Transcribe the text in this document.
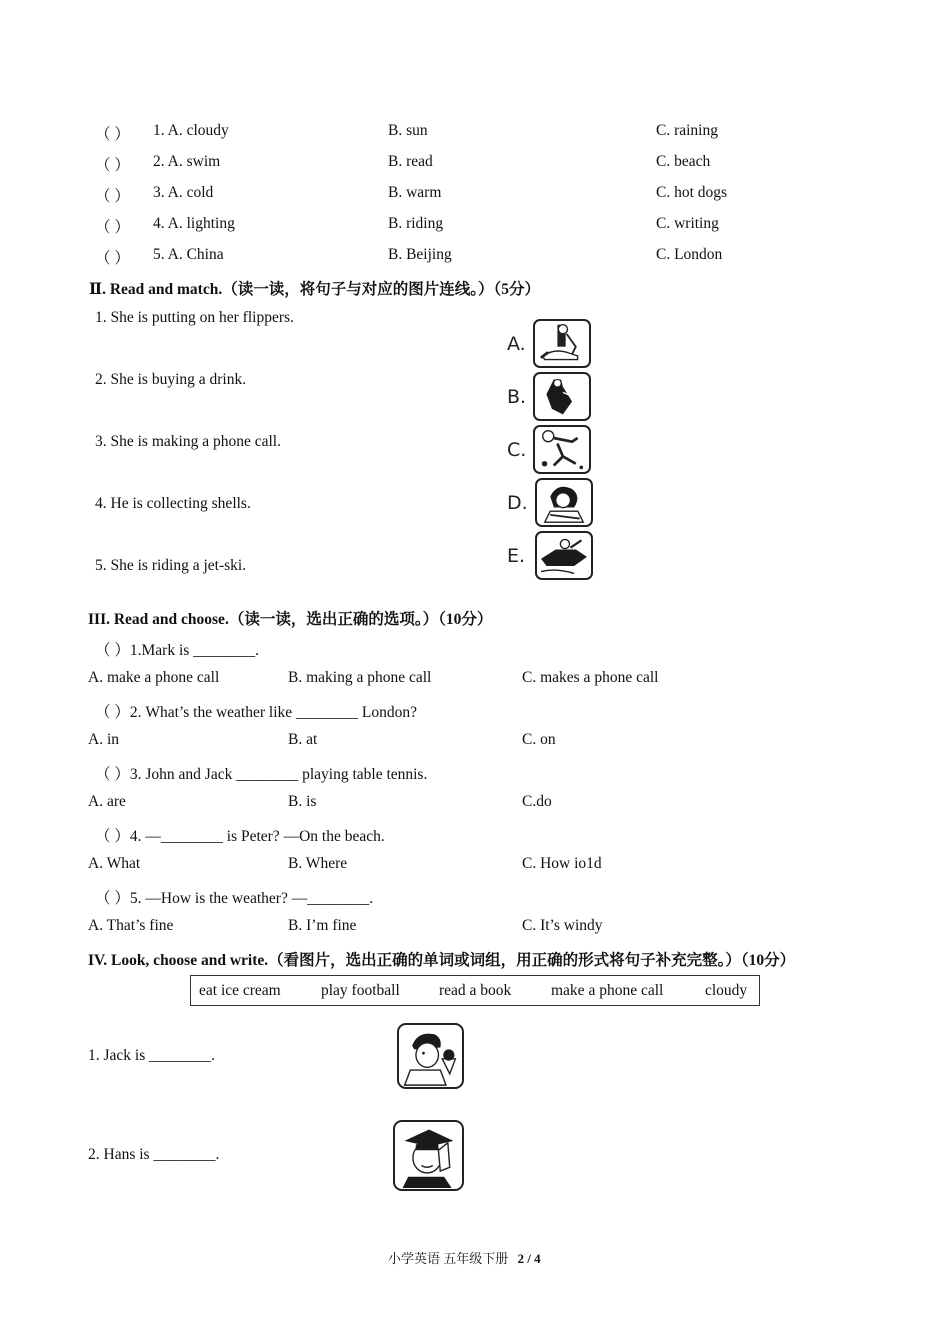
（ ） 1. A. cloudy	B. sun	C. raining
（ ） 2. A. swim	B. read	C. beach
（ ） 3. A. cold	B. warm	C. hot dogs
（ ） 4. A. lighting	B. riding	C. writing
（ ） 5. A. China	B. Beijing	C. London
Ⅱ. Read and match.（读一读，将句子与对应的图片连线。）（5分）
1. She is putting on her flippers.
2. She is buying a drink.
3. She is making a phone call.
4. He is collecting shells.
5. She is riding a jet-ski.
A.
B.
C.
D.
E.
III. Read and choose.（读一读，选出正确的选项。）（10分）
（ ）1.Mark is ________.
A. make a phone call	B. making a phone call	C. makes a phone call
（ ）2. What’s the weather like ________ London?
A. in	B. at	C. on
（ ）3. John and Jack ________ playing table tennis.
A. are	B. is	C.do
（ ）4. —________ is Peter? —On the beach.
A. What	B. Where	C. How io1d
（ ）5. —How is the weather? —________.
A. That’s fine	B. I’m fine	C. It’s windy
IV. Look, choose and write.（看图片，选出正确的单词或词组，用正确的形式将句子补充完整。）（10分）
eat ice cream	play football	read a book	make a phone call	cloudy
1. Jack is ________.
2. Hans is ________.
小学英语 五年级下册 2 / 4
